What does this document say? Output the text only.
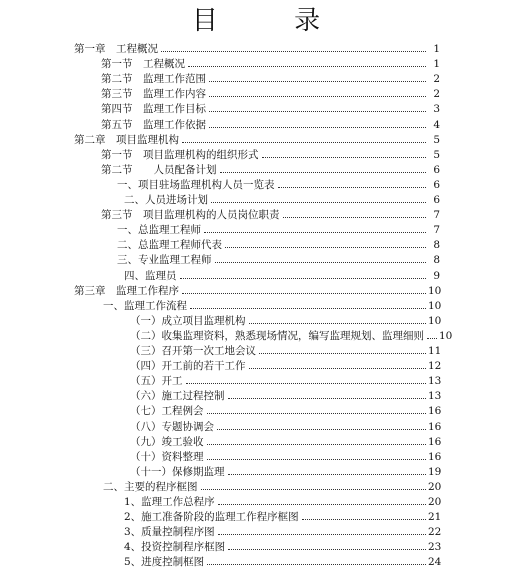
目 录
第一章　工程概况	1
第一节　工程概况	1
第二节　监理工作范围	2
第三节　监理工作内容	2
第四节　监理工作目标	3
第五节　监理工作依据	4
第二章　项目监理机构	5
第一节　项目监理机构的组织形式	5
第二节　　人员配备计划	6
一、项目驻场监理机构人员一览表	6
二、人员进场计划	6
第三节　项目监理机构的人员岗位职责	7
一、总监理工程师	7
二、总监理工程师代表	8
三、专业监理工程师	8
四、监理员	9
第三章　监理工作程序	10
一、监理工作流程	10
（一）成立项目监理机构	10
（二）收集监理资料，熟悉现场情况，编写监理规划、监理细则 10
（三）召开第一次工地会议	11
（四）开工前的若干工作	12
（五）开工	13
（六）施工过程控制	13
（七）工程例会	16
（八）专题协调会	16
（九）竣工验收	16
（十）资料整理	16
（十一）保修期监理	19
二、主要的程序框图	20
1、监理工作总程序	20
2、施工准备阶段的监理工作程序框图	21
3、质量控制程序图	22
4、投资控制程序框图	23
5、进度控制框图	24
